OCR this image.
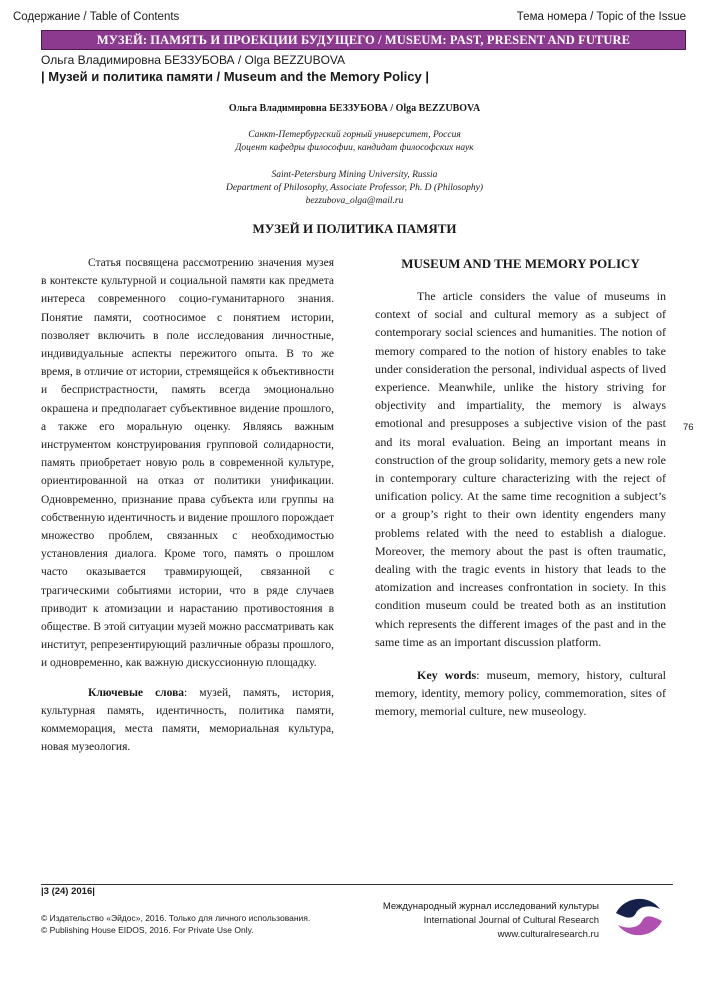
Содержание / Table of Contents	Тема номера / Topic of the Issue
МУЗЕЙ: ПАМЯТЬ И ПРОЕКЦИИ БУДУЩЕГО / MUSEUM: PAST, PRESENT AND FUTURE
Ольга Владимировна БЕЗЗУБОВА / Olga BEZZUBOVA
| Музей и политика памяти / Museum and the Memory Policy |
Ольга Владимировна БЕЗЗУБОВА / Olga BEZZUBOVA
Санкт-Петербургский горный университет, Россия
Доцент кафедры философии, кандидат философских наук
Saint-Petersburg Mining University, Russia
Department of Philosophy, Associate Professor, Ph. D (Philosophy)
bezzubova_olga@mail.ru
МУЗЕЙ И ПОЛИТИКА ПАМЯТИ

Статья посвящена рассмотрению значения музея в контексте культурной и социальной памяти как предмета интереса современного социо-гуманитарного знания. Понятие памяти, соотносимое с понятием истории, позволяет включить в поле исследования личностные, индивидуальные аспекты пережитого опыта. В то же время, в отличие от истории, стремящейся к объективности и беспристрастности, память всегда эмоционально окрашена и предполагает субъективное видение прошлого, а также его моральную оценку. Являясь важным инструментом конструирования групповой солидарности, память приобретает новую роль в современной культуре, ориентированной на отказ от политики унификации. Одновременно, признание права субъекта или группы на собственную идентичность и видение прошлого порождает множество проблем, связанных с необходимостью установления диалога. Кроме того, память о прошлом часто оказывается травмирующей, связанной с трагическими событиями истории, что в ряде случаев приводит к атомизации и нарастанию противостояния в обществе. В этой ситуации музей можно рассматривать как институт, репрезентирующий различные образы прошлого, и одновременно, как важную дискуссионную площадку.

Ключевые слова: музей, память, история, культурная память, идентичность, политика памяти, коммеморация, места памяти, мемориальная культура, новая музеология.

MUSEUM AND THE MEMORY POLICY

The article considers the value of museums in context of social and cultural memory as a subject of contemporary social sciences and humanities. The notion of memory compared to the notion of history enables to take under consideration the personal, individual aspects of lived experience. Meanwhile, unlike the history striving for objectivity and impartiality, the memory is always emotional and presupposes a subjective vision of the past and its moral evaluation. Being an important means in construction of the group solidarity, memory gets a new role in contemporary culture characterizing with the reject of unification policy. At the same time recognition a subject’s or a group’s right to their own identity engenders many problems related with the need to establish a dialogue. Moreover, the memory about the past is often traumatic, dealing with the tragic events in history that leads to the atomization and increases confrontation in society. In this condition museum could be treated both as an institution which represents the different images of the past and in the same time as an important discussion platform.

Key words: museum, memory, history, cultural memory, identity, memory policy, commemoration, sites of memory, memorial culture, new museology.

76
|3 (24) 2016|
© Издательство «Эйдос», 2016. Только для личного использования.
© Publishing House EIDOS, 2016. For Private Use Only.
Международный журнал исследований культуры
International Journal of Cultural Research
www.culturalresearch.ru
